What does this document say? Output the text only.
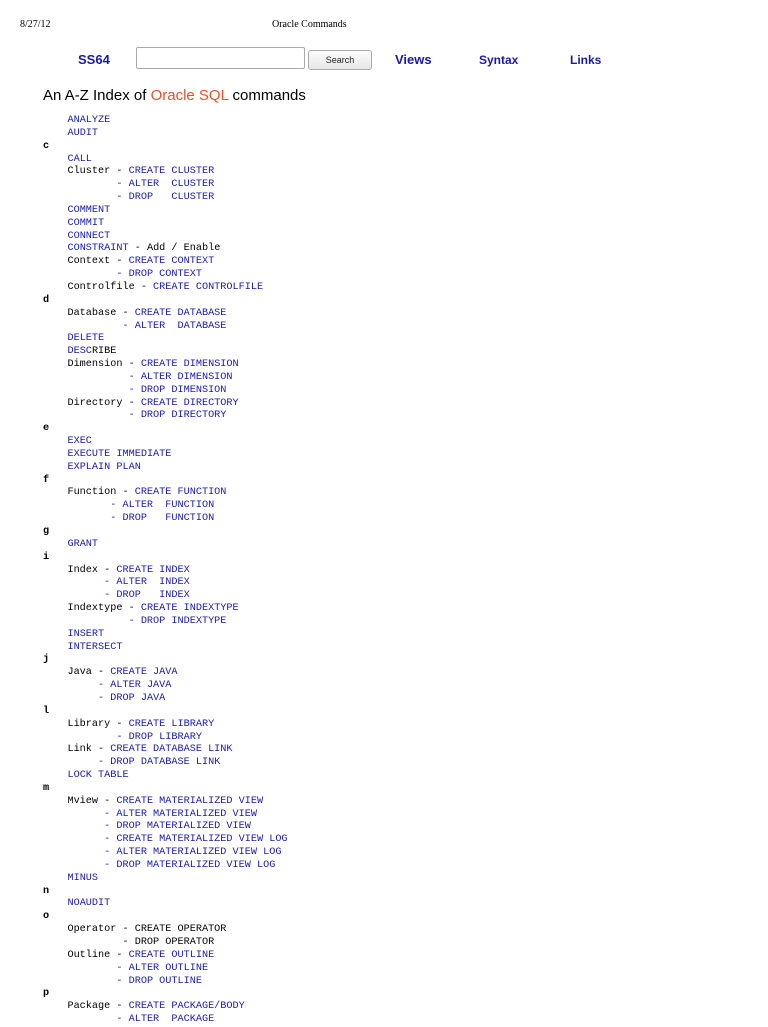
8/27/12	Oracle Commands
SS64	Search	Views	Syntax	Links
An A-Z Index of Oracle SQL commands
ANALYZE
AUDIT
c
CALL
Cluster - CREATE CLUSTER
- ALTER  CLUSTER
- DROP   CLUSTER
COMMENT
COMMIT
CONNECT
CONSTRAINT - Add / Enable
Context - CREATE CONTEXT
- DROP CONTEXT
Controlfile - CREATE CONTROLFILE
d
Database - CREATE DATABASE
- ALTER  DATABASE
DELETE
DESCRIBE
Dimension - CREATE DIMENSION
- ALTER DIMENSION
- DROP DIMENSION
Directory - CREATE DIRECTORY
- DROP DIRECTORY
e
EXEC
EXECUTE IMMEDIATE
EXPLAIN PLAN
f
Function - CREATE FUNCTION
- ALTER  FUNCTION
- DROP   FUNCTION
g
GRANT
i
Index - CREATE INDEX
- ALTER  INDEX
- DROP   INDEX
Indextype - CREATE INDEXTYPE
- DROP INDEXTYPE
INSERT
INTERSECT
j
Java - CREATE JAVA
- ALTER JAVA
- DROP JAVA
l
Library - CREATE LIBRARY
- DROP LIBRARY
Link - CREATE DATABASE LINK
- DROP DATABASE LINK
LOCK TABLE
m
Mview - CREATE MATERIALIZED VIEW
- ALTER MATERIALIZED VIEW
- DROP MATERIALIZED VIEW
- CREATE MATERIALIZED VIEW LOG
- ALTER MATERIALIZED VIEW LOG
- DROP MATERIALIZED VIEW LOG
MINUS
n
NOAUDIT
o
Operator - CREATE OPERATOR
- DROP OPERATOR
Outline - CREATE OUTLINE
- ALTER OUTLINE
- DROP OUTLINE
p
Package - CREATE PACKAGE/BODY
- ALTER  PACKAGE
